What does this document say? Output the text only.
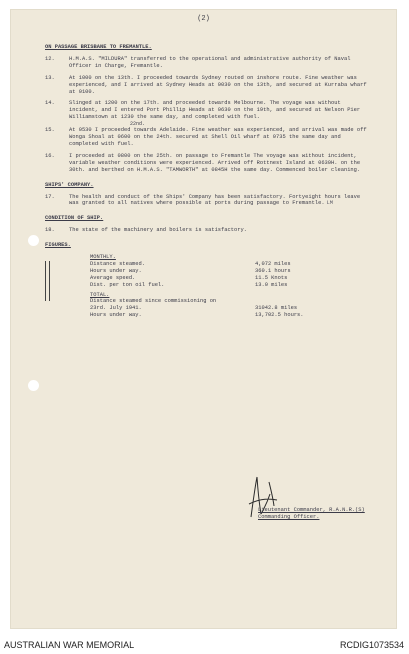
(2)
ON PASSAGE BRISBANE TO FREMANTLE.
12.	H.M.A.S. "MILDURA" transferred to the operational and administrative authority of Naval Officer in Charge, Fremantle.
13.	At 1000 on the 13th. I proceeded towards Sydney routed on inshore route. Fine weather was experienced, and I arrived at Sydney Heads at 0030 on the 13th, and secured at Kurraba wharf at 0100.
14.	Slinged at 1200 on the 17th. and proceeded towards Melbourne. The voyage was without incident, and I entered Port Phillip Heads at 0630 on the 19th, and secured at Nelson Pier Williamstown at 1230 the same day, and completed with fuel.
22nd.
15.	At 0530 I proceeded towards Adelaide. Fine weather was experienced, and arrival was made off Wonga Shoal at 0600 on the 24th. secured at Shell Oil wharf at 0735 the same day and completed with fuel.
16.	I proceeded at 0800 on the 25th. on passage to Fremantle The voyage was without incident, variable weather conditions were experienced. Arrived off Rottnest Island at 0630H. on the 30th. and berthed on H.M.A.S. "TAMWORTH" at 0845H the same day. Commenced boiler cleaning.
SHIPS' COMPANY.
17.	The health and conduct of the Ships' Company has been satisfactory. Fortyeight hours leave was granted to all natives where possible at ports during passage to Fremantle. LM
CONDITION OF SHIP.
18.	The state of the machinery and boilers is satisfactory.
FIGURES.
MONTHLY.
Distance steamed.	4,072 miles
Hours under way.	360.1 hours
Average speed.	11.5 Knots
Dist. per ton oil fuel.	13.0 miles
TOTAL.
Distance steamed since commissioning on
23rd. July 1941.	31042.8 miles
Hours under way.	13,702.5 hours.
Lieutenant Commander, R.A.N.R.(S)
Commanding Officer.
AUSTRALIAN WAR MEMORIAL	RCDIG1073534
